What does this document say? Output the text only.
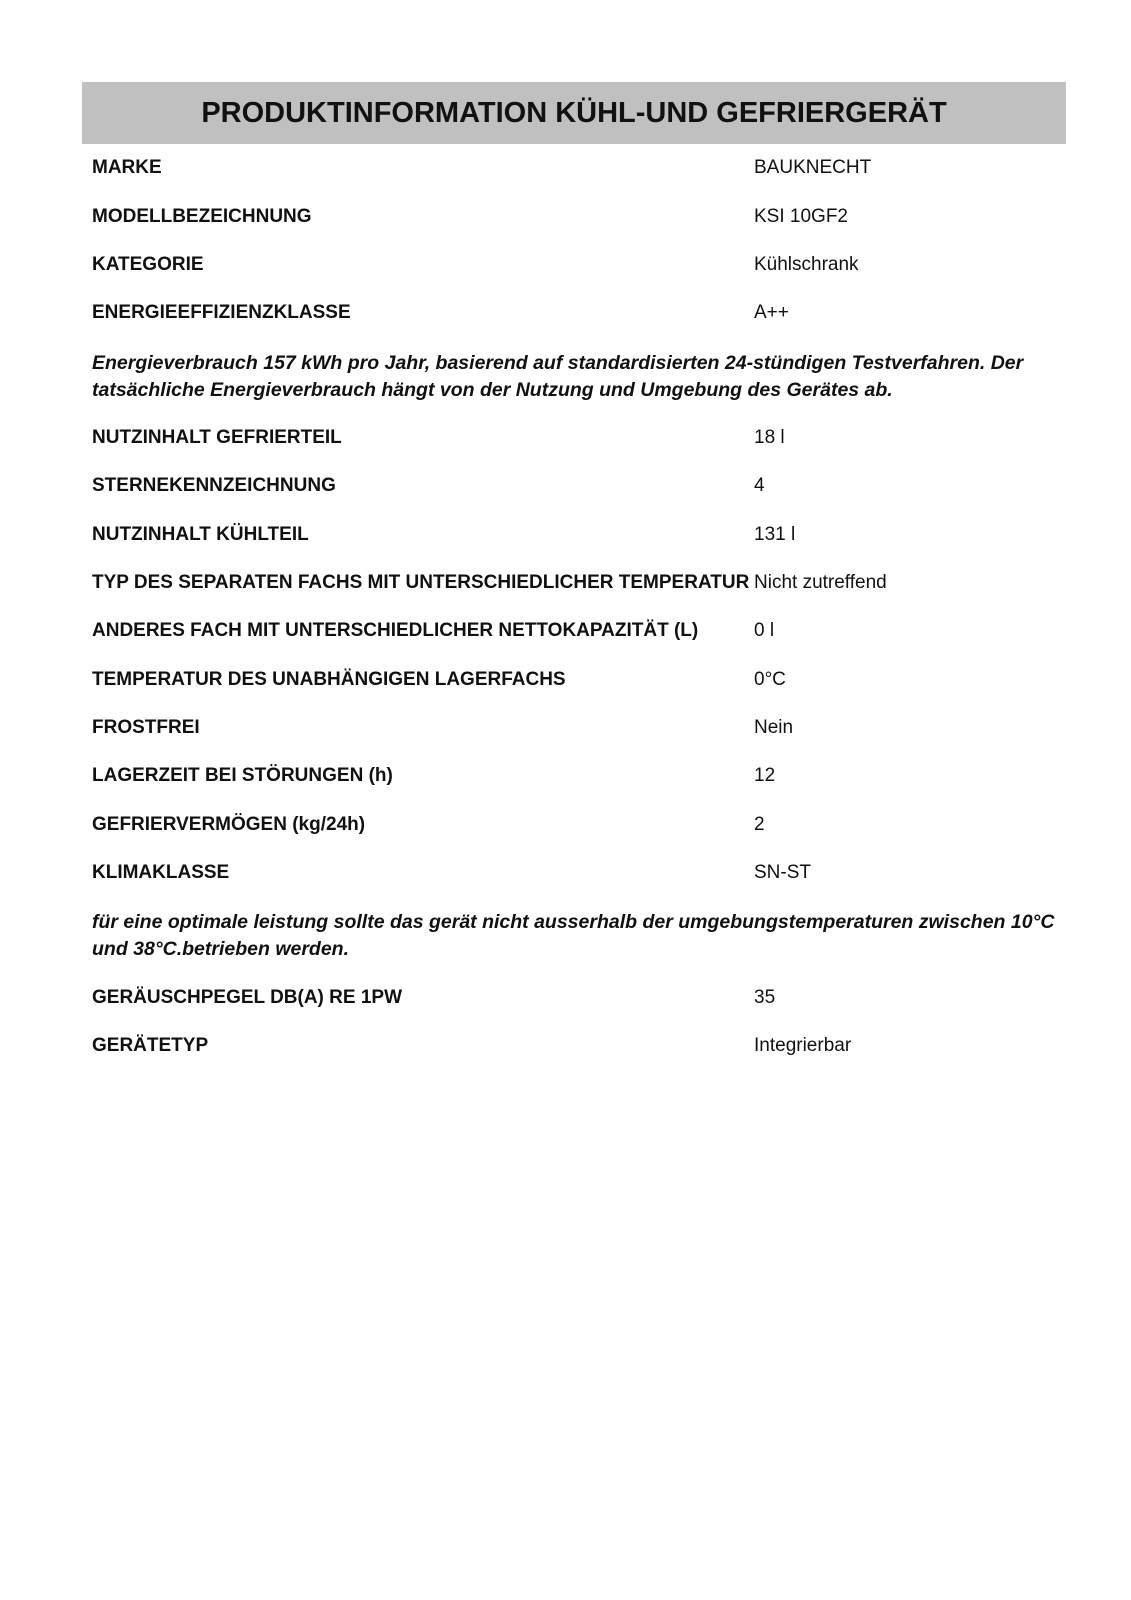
PRODUKTINFORMATION KÜHL-UND GEFRIERGERÄT
MARKE	BAUKNECHT
MODELLBEZEICHNUNG	KSI 10GF2
KATEGORIE	Kühlschrank
ENERGIEEFFIZIENZKLASSE	A++
Energieverbrauch 157 kWh pro Jahr, basierend auf standardisierten 24-stündigen Testverfahren. Der tatsächliche Energieverbrauch hängt von der Nutzung und Umgebung des Gerätes ab.
NUTZINHALT GEFRIERTEIL	18 l
STERNEKENNZEICHNUNG	4
NUTZINHALT KÜHLTEIL	131 l
TYP DES SEPARATEN FACHS MIT UNTERSCHIEDLICHER TEMPERATUR Nicht zutreffend
ANDERES FACH MIT UNTERSCHIEDLICHER NETTOKAPAZITÄT (L)	0 l
TEMPERATUR DES UNABHÄNGIGEN LAGERFACHS	0°C
FROSTFREI	Nein
LAGERZEIT BEI STÖRUNGEN (h)	12
GEFRIERVERMÖGEN (kg/24h)	2
KLIMAKLASSE	SN-ST
für eine optimale leistung sollte das gerät nicht ausserhalb der umgebungstemperaturen zwischen 10°C und 38°C.betrieben werden.
GERÄUSCHPEGEL DB(A) RE 1PW	35
GERÄTETYP	Integrierbar
